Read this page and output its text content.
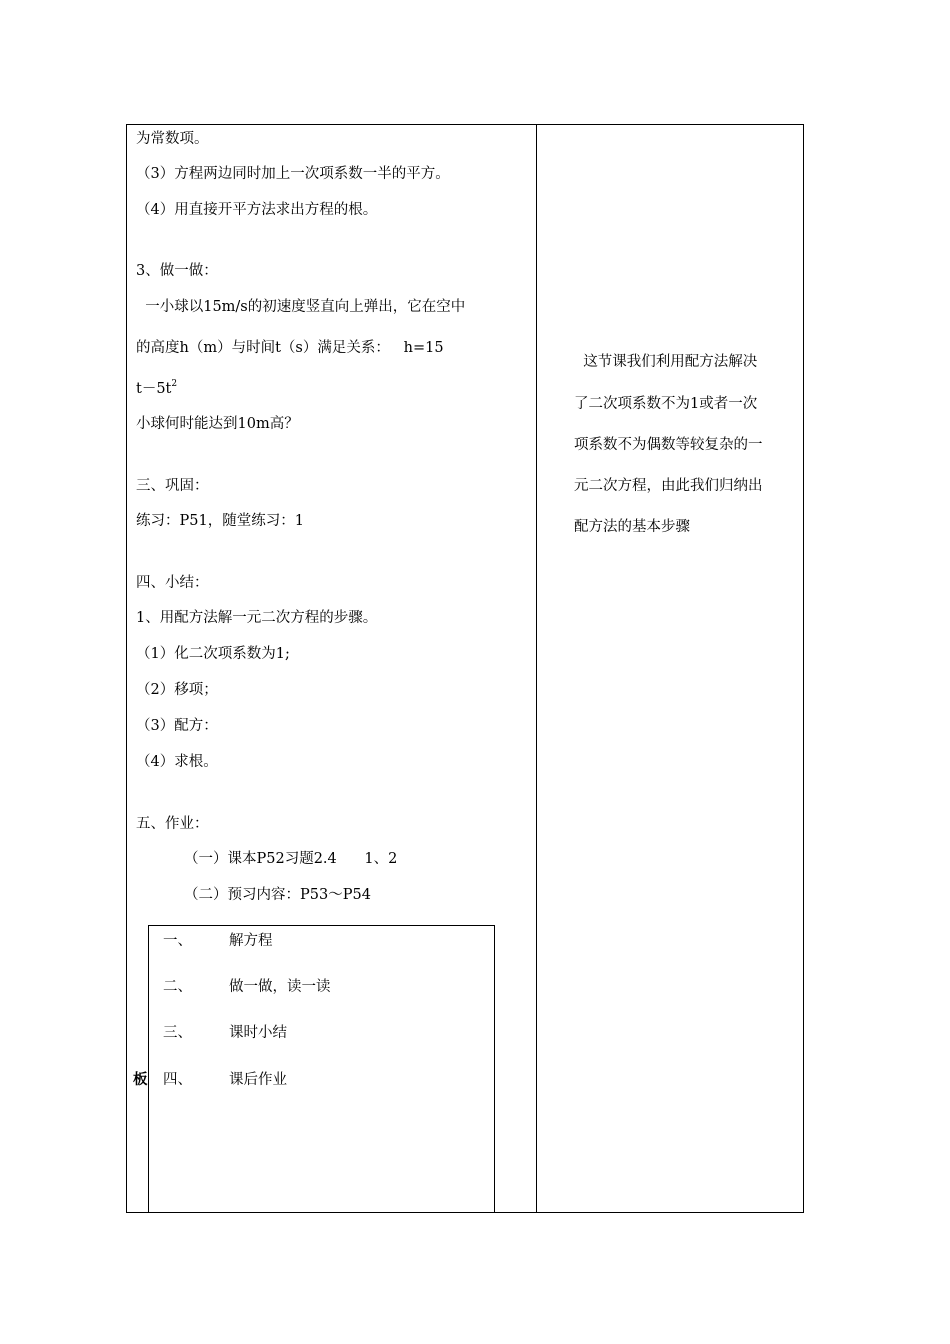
为常数项。
（3）方程两边同时加上一次项系数一半的平方。
（4）用直接开平方法求出方程的根。
3、做一做：
一小球以15m/s的初速度竖直向上弹出，它在空中
的高度h（m）与时间t（s）满足关系：   h=15
$t-5t^2$
小球何时能达到10m高？
三、巩固：
练习：P51，随堂练习：1
四、小结：
1、用配方法解一元二次方程的步骤。
（1）化二次项系数为1;
（2）移项；
（3）配方：
（4）求根。
五、作业：
（一）课本P52习题2.4      1、2
（二）预习内容：P53～P54
板
一、	解方程
二、	做一做，读一读
三、	课时小结
四、	课后作业
这节课我们利用配方法解决
了二次项系数不为1或者一次
项系数不为偶数等较复杂的一
元二次方程，由此我们归纳出
配方法的基本步骤
